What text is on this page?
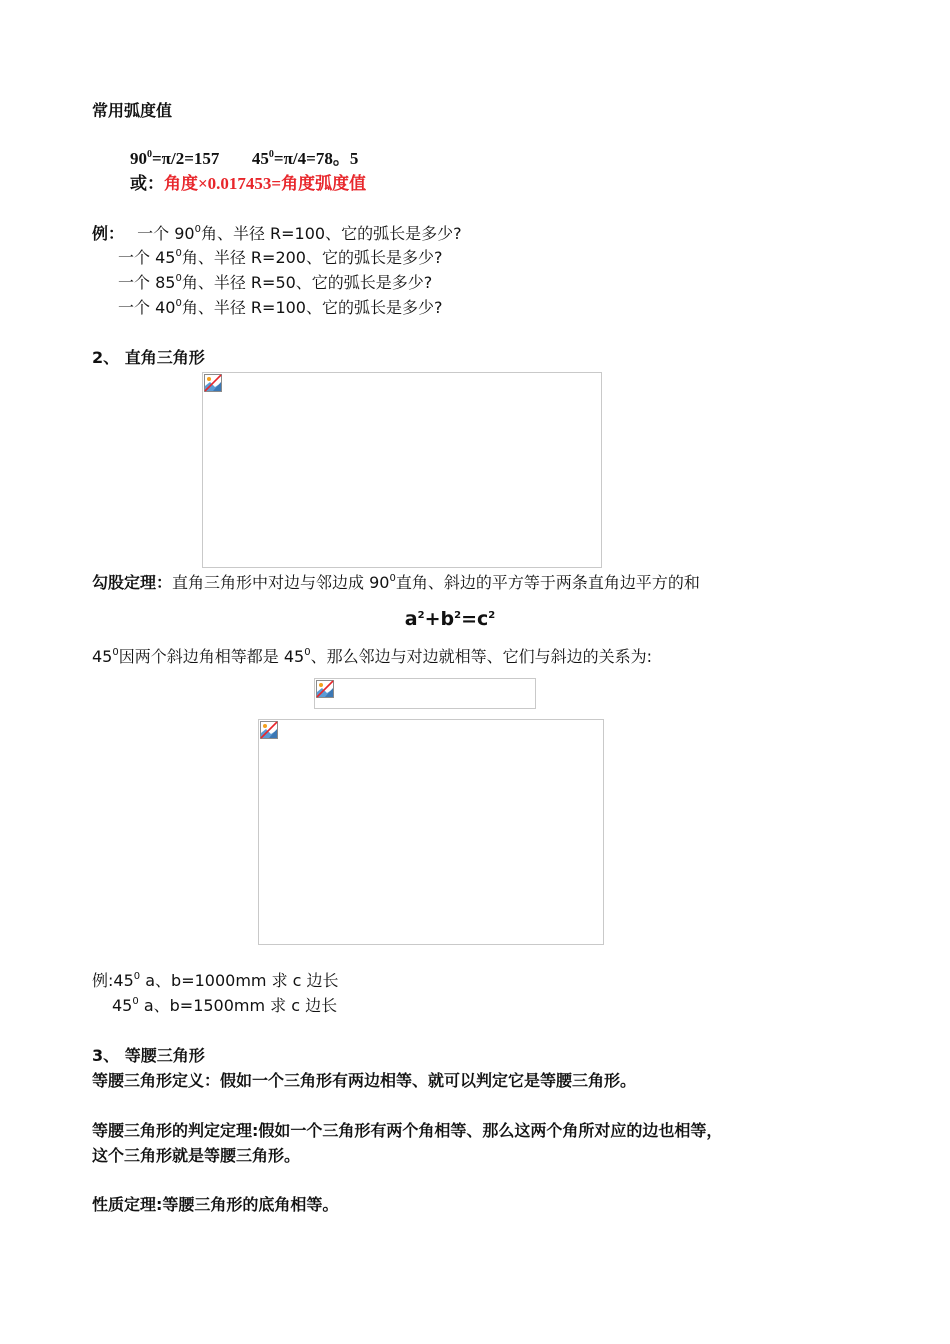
常用弧度值
$90^0=\pi/2=157$ $45^0=\pi/4=78$。5
或：角度×0.017453=角度弧度值
例： 一个 $90^0$角、半径 R=100、它的弧长是多少?
一个 $45^0$角、半径 R=200、它的弧长是多少?
一个 $85^0$角、半径 R=50、它的弧长是多少?
一个 $40^0$角、半径 R=100、它的弧长是多少?
2、 直角三角形
勾股定理：直角三角形中对边与邻边成 $90^0$直角、斜边的平方等于两条直角边平方的和
$a^2+b^2=c^2$
$45^0$因两个斜边角相等都是 $45^0$、那么邻边与对边就相等、它们与斜边的关系为:
例$:45^0$ a、b=1000mm 求 c 边长
$45^0$ a、b=1500mm 求 c 边长
3、 等腰三角形
等腰三角形定义：假如一个三角形有两边相等、就可以判定它是等腰三角形。
等腰三角形的判定定理:假如一个三角形有两个角相等、那么这两个角所对应的边也相等，
这个三角形就是等腰三角形。
性质定理:等腰三角形的底角相等。
